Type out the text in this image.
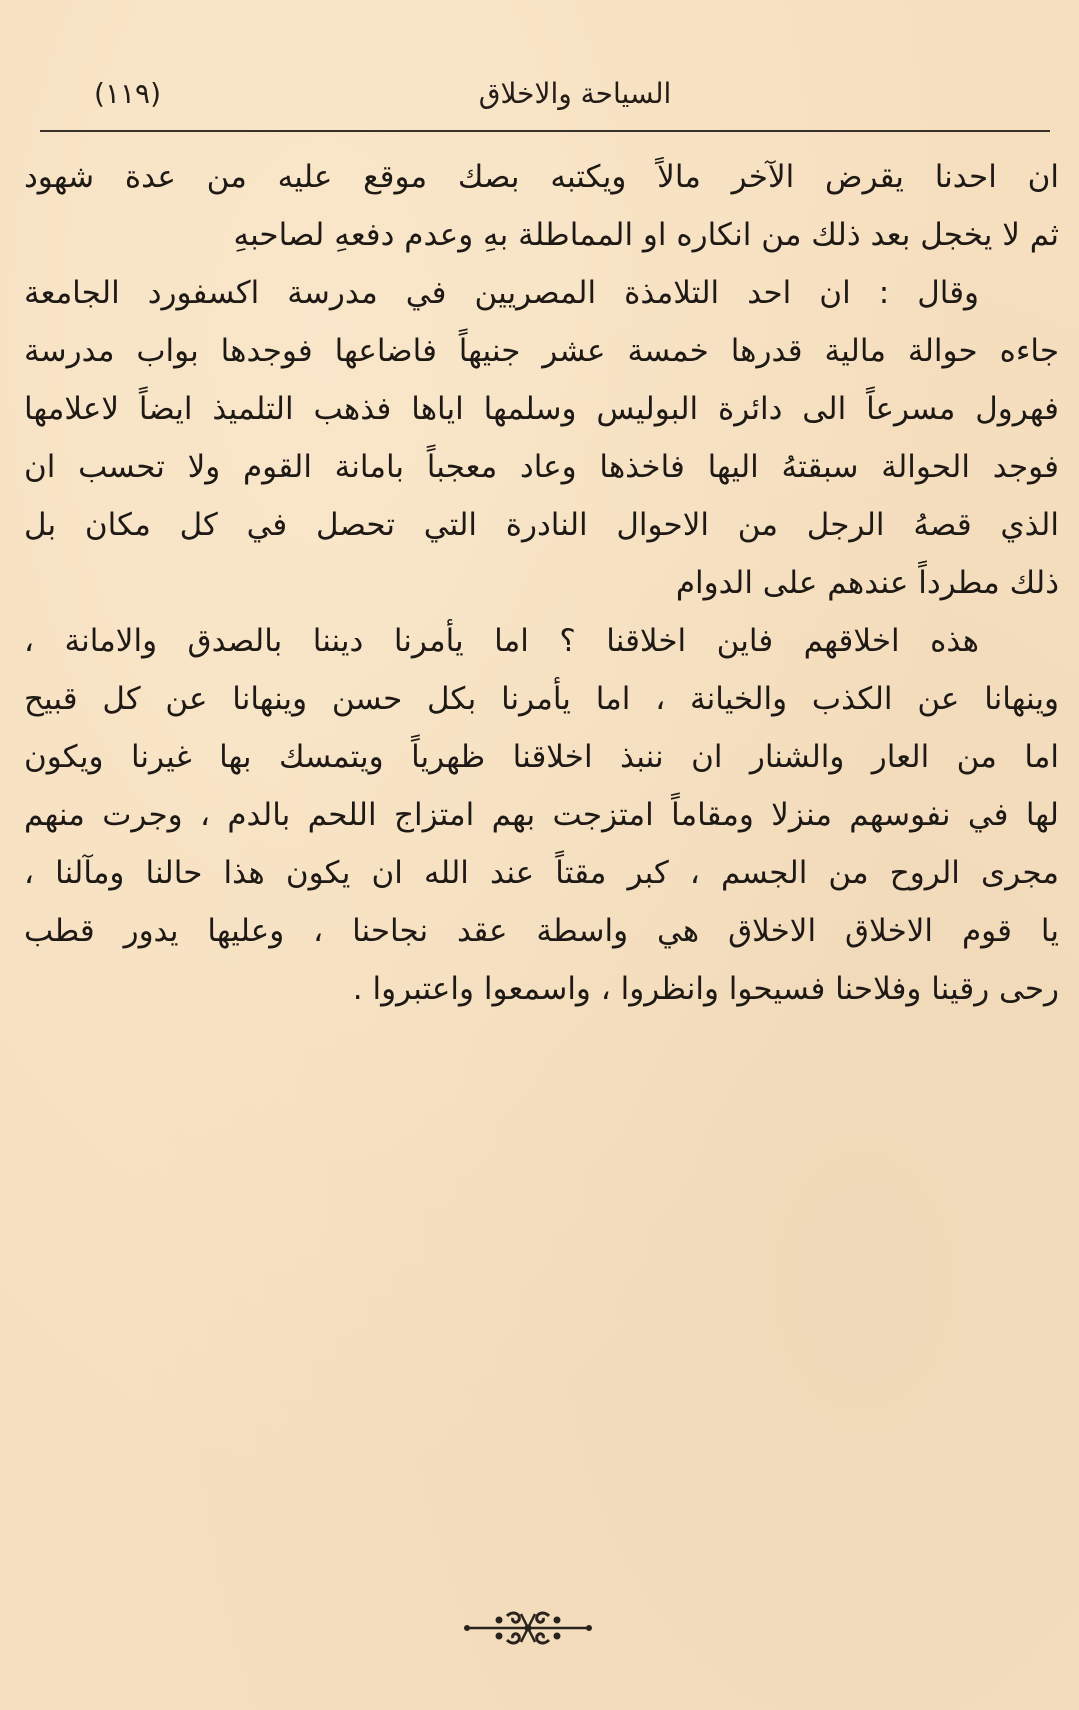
السياحة والاخلاق
(١١٩)
ان احدنا يقرض الآخر مالاً ويكتبه بصك موقع عليه من عدة شهود
ثم لا يخجل بعد ذلك من انكاره او المماطلة بهِ وعدم دفعهِ لصاحبهِ
وقال : ان احد التلامذة المصريين في مدرسة اكسفورد الجامعة
جاءه حوالة مالية قدرها خمسة عشر جنيهاً فاضاعها فوجدها بواب مدرسة
فهرول مسرعاً الى دائرة البوليس وسلمها اياها فذهب التلميذ ايضاً لاعلامها
فوجد الحوالة سبقتهُ اليها فاخذها وعاد معجباً بامانة القوم ولا تحسب ان
الذي قصهُ الرجل من الاحوال النادرة التي تحصل في كل مكان بل
ذلك مطرداً عندهم على الدوام
هذه اخلاقهم فاين اخلاقنا ؟ اما يأمرنا ديننا بالصدق والامانة ،
وينهانا عن الكذب والخيانة ، اما يأمرنا بكل حسن وينهانا عن كل قبيح
اما من العار والشنار ان ننبذ اخلاقنا ظهرياً ويتمسك بها غيرنا ويكون
لها في نفوسهم منزلا ومقاماً امتزجت بهم امتزاج اللحم بالدم ، وجرت منهم
مجرى الروح من الجسم ، كبر مقتاً عند الله ان يكون هذا حالنا ومآلنا ،
يا قوم الاخلاق الاخلاق هي واسطة عقد نجاحنا ، وعليها يدور قطب
رحى رقينا وفلاحنا فسيحوا وانظروا ، واسمعوا واعتبروا .
